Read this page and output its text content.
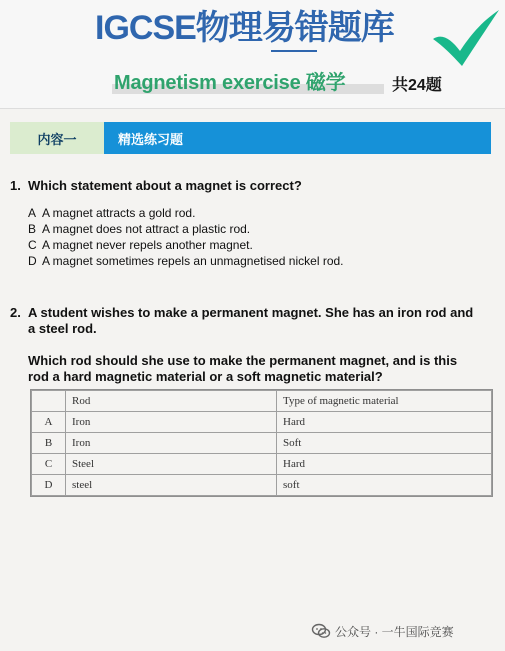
IGCSE物理易错题库
Magnetism exercise 磁学	共24题
内容一	精选练习题
1. Which statement about a magnet is correct?
A A magnet attracts a gold rod.
B A magnet does not attract a plastic rod.
C A magnet never repels another magnet.
D A magnet sometimes repels an unmagnetised nickel rod.
2. A student wishes to make a permanent magnet. She has an iron rod and a steel rod.
Which rod should she use to make the permanent magnet, and is this rod a hard magnetic material or a soft magnetic material?
	Rod	Type of magnetic material
A	Iron	Hard
B	Iron	Soft
C	Steel	Hard
D	steel	soft
公众号 · 一牛国际竞赛
